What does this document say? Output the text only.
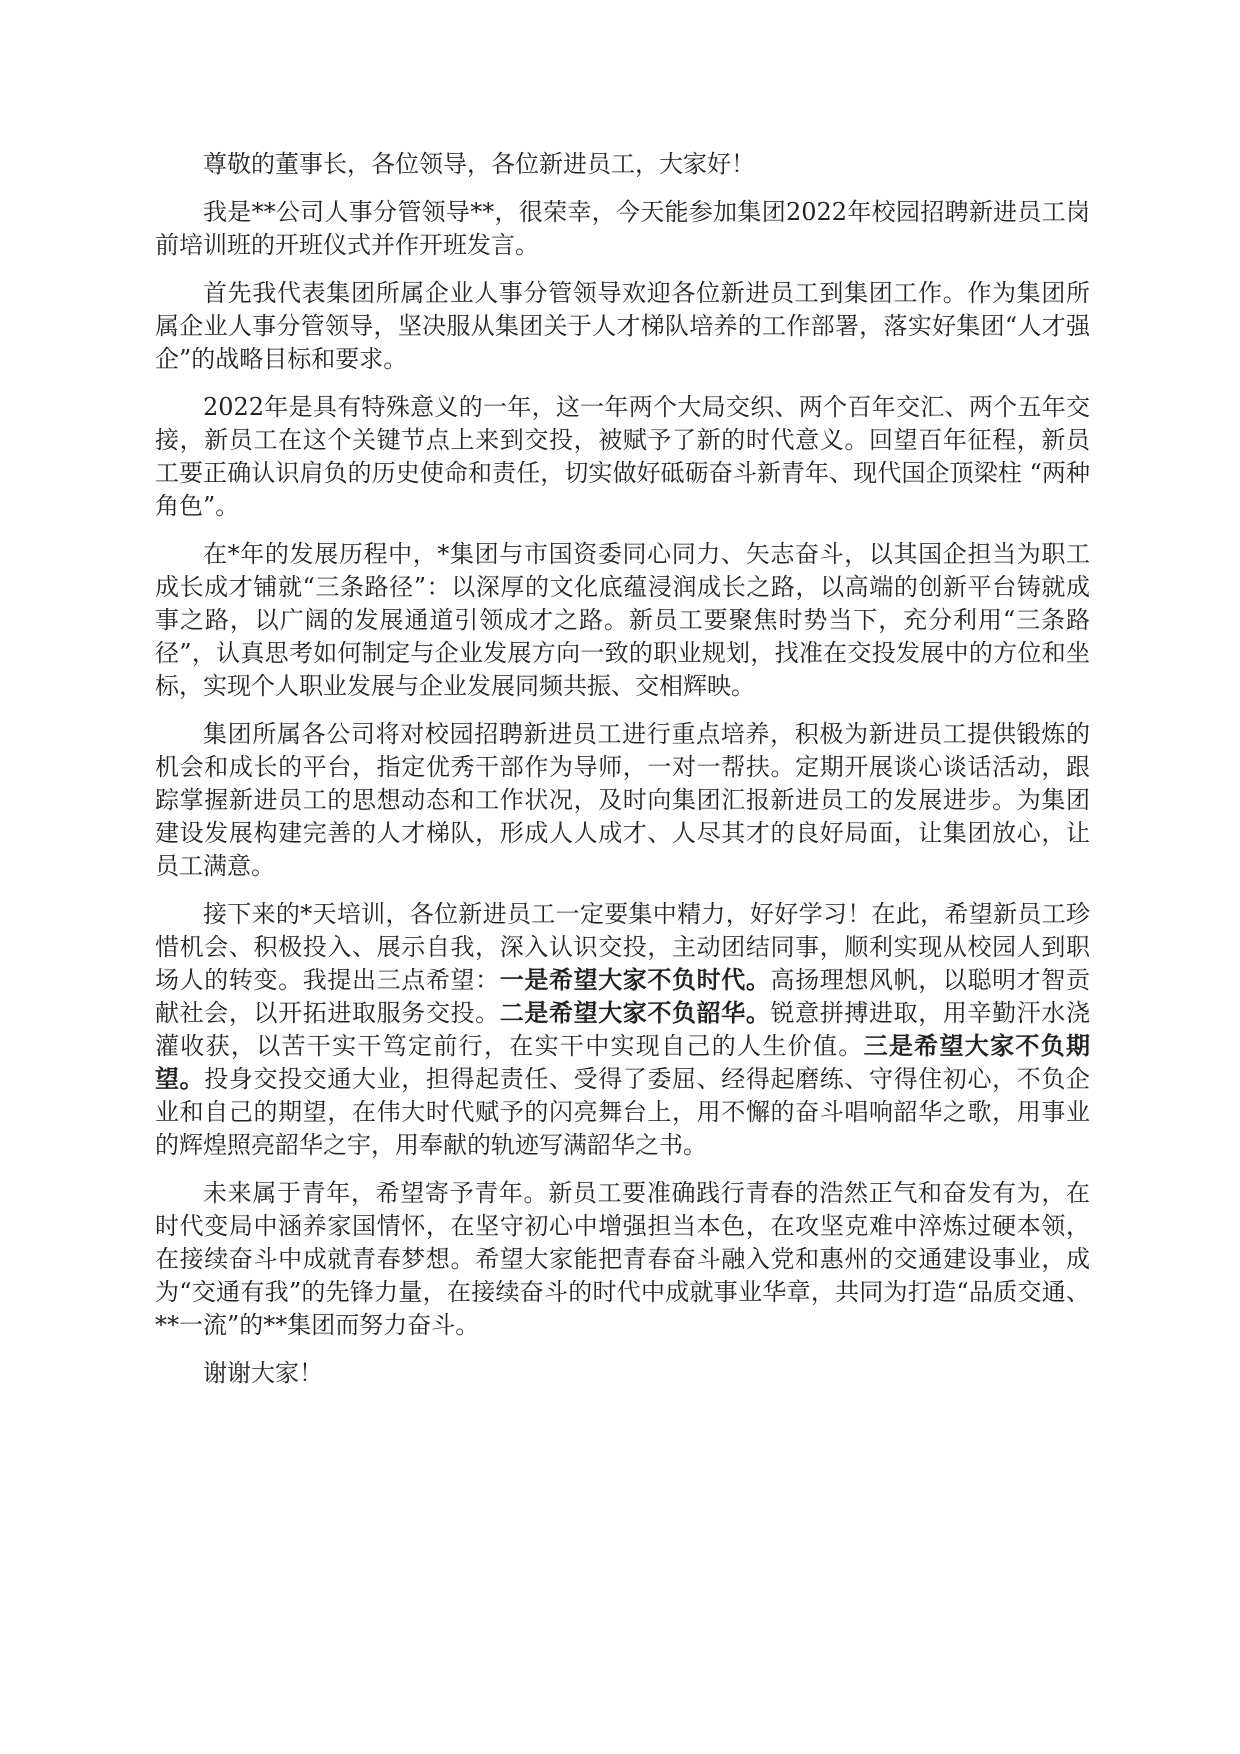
尊敬的董事长，各位领导，各位新进员工，大家好！

我是**公司人事分管领导**，很荣幸，今天能参加集团2022年校园招聘新进员工岗前培训班的开班仪式并作开班发言。

首先我代表集团所属企业人事分管领导欢迎各位新进员工到集团工作。作为集团所属企业人事分管领导，坚决服从集团关于人才梯队培养的工作部署，落实好集团“人才强企”的战略目标和要求。

2022年是具有特殊意义的一年，这一年两个大局交织、两个百年交汇、两个五年交接，新员工在这个关键节点上来到交投，被赋予了新的时代意义。回望百年征程，新员工要正确认识肩负的历史使命和责任，切实做好砥砺奋斗新青年、现代国企顶梁柱 “两种角色”。

在*年的发展历程中，*集团与市国资委同心同力、矢志奋斗，以其国企担当为职工成长成才铺就“三条路径”：以深厚的文化底蕴浸润成长之路，以高端的创新平台铸就成事之路，以广阔的发展通道引领成才之路。新员工要聚焦时势当下，充分利用“三条路径”，认真思考如何制定与企业发展方向一致的职业规划，找准在交投发展中的方位和坐标，实现个人职业发展与企业发展同频共振、交相辉映。

集团所属各公司将对校园招聘新进员工进行重点培养，积极为新进员工提供锻炼的机会和成长的平台，指定优秀干部作为导师，一对一帮扶。定期开展谈心谈话活动，跟踪掌握新进员工的思想动态和工作状况，及时向集团汇报新进员工的发展进步。为集团建设发展构建完善的人才梯队，形成人人成才、人尽其才的良好局面，让集团放心，让员工满意。

接下来的*天培训，各位新进员工一定要集中精力，好好学习！在此，希望新员工珍惜机会、积极投入、展示自我，深入认识交投，主动团结同事，顺利实现从校园人到职场人的转变。我提出三点希望：一是希望大家不负时代。高扬理想风帆，以聪明才智贡献社会，以开拓进取服务交投。二是希望大家不负韶华。锐意拼搏进取，用辛勤汗水浇灌收获，以苦干实干笃定前行，在实干中实现自己的人生价值。三是希望大家不负期望。投身交投交通大业，担得起责任、受得了委屈、经得起磨练、守得住初心，不负企业和自己的期望，在伟大时代赋予的闪亮舞台上，用不懈的奋斗唱响韶华之歌，用事业的辉煌照亮韶华之宇，用奉献的轨迹写满韶华之书。

未来属于青年，希望寄予青年。新员工要准确践行青春的浩然正气和奋发有为，在时代变局中涵养家国情怀，在坚守初心中增强担当本色，在攻坚克难中淬炼过硬本领，在接续奋斗中成就青春梦想。希望大家能把青春奋斗融入党和惠州的交通建设事业，成为“交通有我”的先锋力量，在接续奋斗的时代中成就事业华章，共同为打造“品质交通、**一流”的**集团而努力奋斗。

谢谢大家！
